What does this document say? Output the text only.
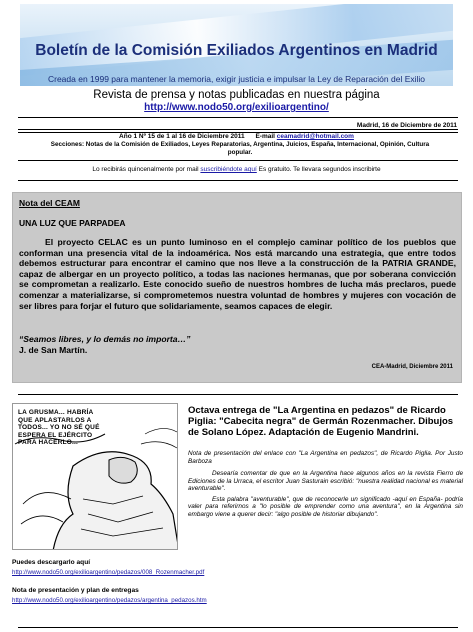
Boletín de la Comisión Exiliados Argentinos en Madrid
Creada en 1999 para mantener la memoria, exigir justicia e impulsar la Ley de Reparación del Exilio
Revista de prensa y notas publicadas en nuestra página
http://www.nodo50.org/exilioargentino/
Madrid, 16 de Diciembre de 2011
Año 1 Nº 15 de 1 al 16 de Diciembre 2011 E-mail ceamadrid@hotmail.com
Secciones: Notas de la Comisión de Exiliados, Leyes Reparatorias, Argentina, Juicios, España, Internacional, Opinión, Cultura popular.
Lo recibirás quincenalmente por mail suscribiéndote aquí Es gratuito. Te llevara segundos inscribirte
Nota del CEAM
UNA LUZ QUE PARPADEA
El proyecto CELAC es un punto luminoso en el complejo caminar político de los pueblos que conforman una presencia vital de la indoamérica. Nos está marcando una estrategia, que entre todos debemos estructurar para encontrar el camino que nos lleve a la construcción de la PATRIA GRANDE, capaz de albergar en un proyecto político, a todas las naciones hermanas, que por soberana convicción se comprometan a realizarlo. Este conocido sueño de nuestros hombres de lucha más preclaros, puede comenzar a materializarse, si comprometemos nuestra voluntad de hombres y mujeres con vocación de ser libres para forjar el futuro que solidariamente, seamos capaces de elegir.
“Seamos libres, y lo demás no importa…”
J. de San Martín.
CEA-Madrid, Diciembre 2011
LA GRUSMA... HABRÍA QUE APLASTARLOS A TODOS... YO NO SÉ QUÉ ESPERA EL EJÉRCITO PARA HACERLO...
Octava entrega de "La Argentina en pedazos" de Ricardo Piglia: "Cabecita negra" de Germán Rozenmacher. Dibujos de Solano López. Adaptación de Eugenio Mandrini.

Nota de presentación del enlace con "La Argentina en pedazos", de Ricardo Piglia. Por Justo Barboza

Desearía comentar de que en la Argentina hace algunos años en la revista Fierro de Ediciones de la Urraca, el escritor Juan Sasturain escribió: "nuestra realidad nacional es material aventurable".

Esta palabra "aventurable", que de reconocerle un significado -aquí en España- podría valer para referirnos a "lo posible de emprender como una aventura", en la Argentina sin embargo viene a querer decir: "algo posible de historiar dibujando".

Puedes descargarlo aquí
http://www.nodo50.org/exilioargentino/pedazos/008_Rozenmacher.pdf
Nota de presentación y plan de entregas
http://www.nodo50.org/exilioargentino/pedazos/argentina_pedazos.htm
